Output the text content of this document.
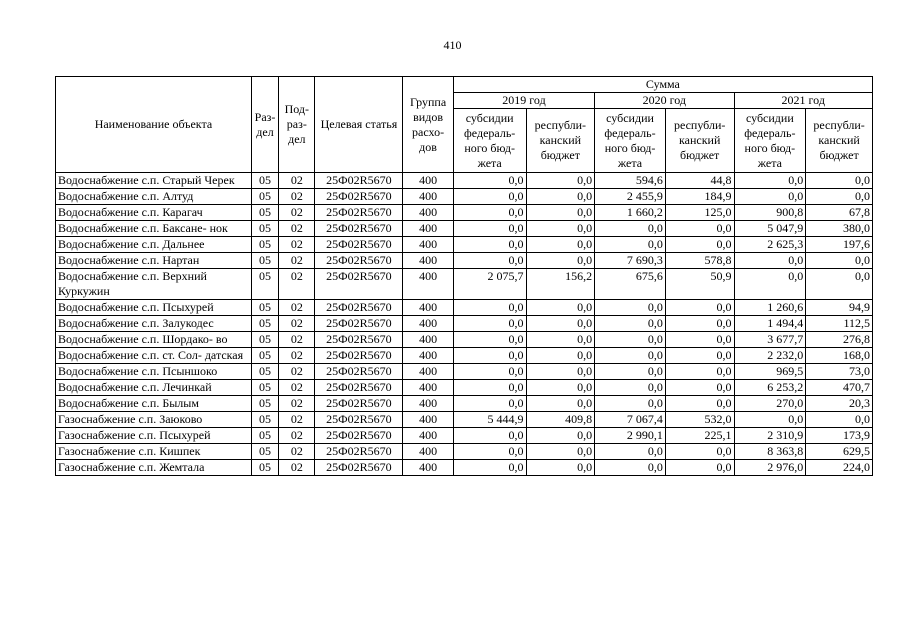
410
Наименование объекта	Раз- дел	Под- раз- дел	Целевая статья	Группа видов расхо- дов	Сумма					
					2019 год		2020 год		2021 год	
					субсидии федераль- ного бюд- жета	республи- канский бюджет	субсидии федераль- ного бюд- жета	республи- канский бюджет	субсидии федераль- ного бюд- жета	республи- канский бюджет
Водоснабжение с.п. Старый Черек	05	02	25Ф02R5670	400	0,0	0,0	594,6	44,8	0,0	0,0
Водоснабжение с.п. Алтуд	05	02	25Ф02R5670	400	0,0	0,0	2 455,9	184,9	0,0	0,0
Водоснабжение с.п. Карагач	05	02	25Ф02R5670	400	0,0	0,0	1 660,2	125,0	900,8	67,8
Водоснабжение с.п. Баксане- нок	05	02	25Ф02R5670	400	0,0	0,0	0,0	0,0	5 047,9	380,0
Водоснабжение с.п. Дальнее	05	02	25Ф02R5670	400	0,0	0,0	0,0	0,0	2 625,3	197,6
Водоснабжение с.п. Нартан	05	02	25Ф02R5670	400	0,0	0,0	7 690,3	578,8	0,0	0,0
Водоснабжение с.п. Верхний Куркужин	05	02	25Ф02R5670	400	2 075,7	156,2	675,6	50,9	0,0	0,0
Водоснабжение с.п. Псыхурей	05	02	25Ф02R5670	400	0,0	0,0	0,0	0,0	1 260,6	94,9
Водоснабжение с.п. Залукодес	05	02	25Ф02R5670	400	0,0	0,0	0,0	0,0	1 494,4	112,5
Водоснабжение с.п. Шордако- во	05	02	25Ф02R5670	400	0,0	0,0	0,0	0,0	3 677,7	276,8
Водоснабжение с.п. ст. Сол- датская	05	02	25Ф02R5670	400	0,0	0,0	0,0	0,0	2 232,0	168,0
Водоснабжение с.п. Псыншоко	05	02	25Ф02R5670	400	0,0	0,0	0,0	0,0	969,5	73,0
Водоснабжение с.п. Лечинкай	05	02	25Ф02R5670	400	0,0	0,0	0,0	0,0	6 253,2	470,7
Водоснабжение с.п. Былым	05	02	25Ф02R5670	400	0,0	0,0	0,0	0,0	270,0	20,3
Газоснабжение с.п. Заюково	05	02	25Ф02R5670	400	5 444,9	409,8	7 067,4	532,0	0,0	0,0
Газоснабжение с.п. Псыхурей	05	02	25Ф02R5670	400	0,0	0,0	2 990,1	225,1	2 310,9	173,9
Газоснабжение с.п. Кишпек	05	02	25Ф02R5670	400	0,0	0,0	0,0	0,0	8 363,8	629,5
Газоснабжение с.п. Жемтала	05	02	25Ф02R5670	400	0,0	0,0	0,0	0,0	2 976,0	224,0
